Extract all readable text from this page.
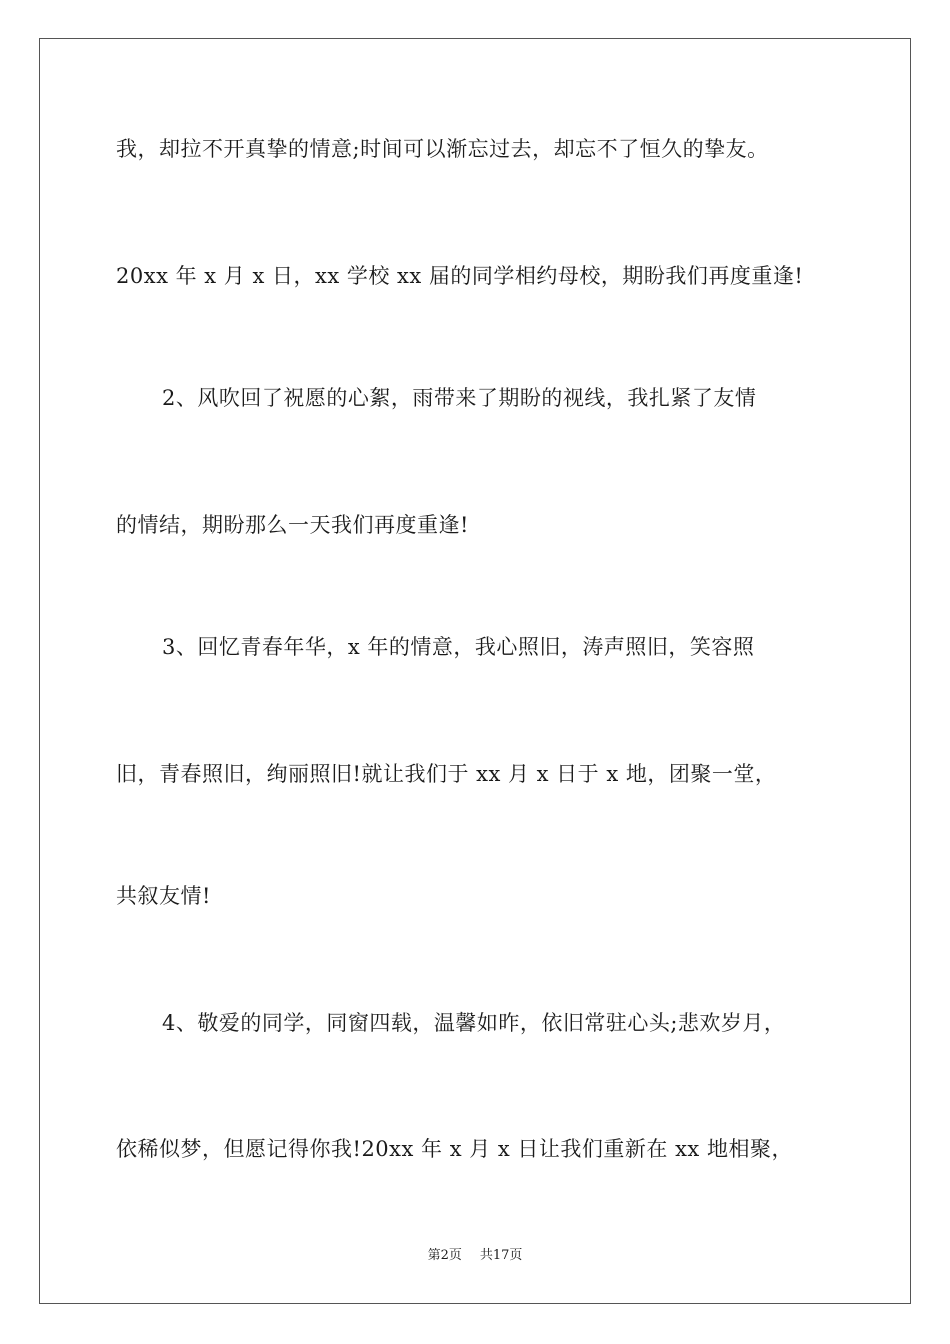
我，却拉不开真挚的情意;时间可以渐忘过去，却忘不了恒久的挚友。
20xx 年 x 月 x 日，xx 学校 xx 届的同学相约母校，期盼我们再度重逢!
2、风吹回了祝愿的心絮，雨带来了期盼的视线，我扎紧了友情
的情结，期盼那么一天我们再度重逢!
3、回忆青春年华，x 年的情意，我心照旧，涛声照旧，笑容照
旧，青春照旧，绚丽照旧!就让我们于 xx 月 x 日于 x 地，团聚一堂，
共叙友情!
4、敬爱的同学，同窗四载，温馨如昨，依旧常驻心头;悲欢岁月，
依稀似梦，但愿记得你我!20xx 年 x 月 x 日让我们重新在 xx 地相聚，
第2页 共17页
